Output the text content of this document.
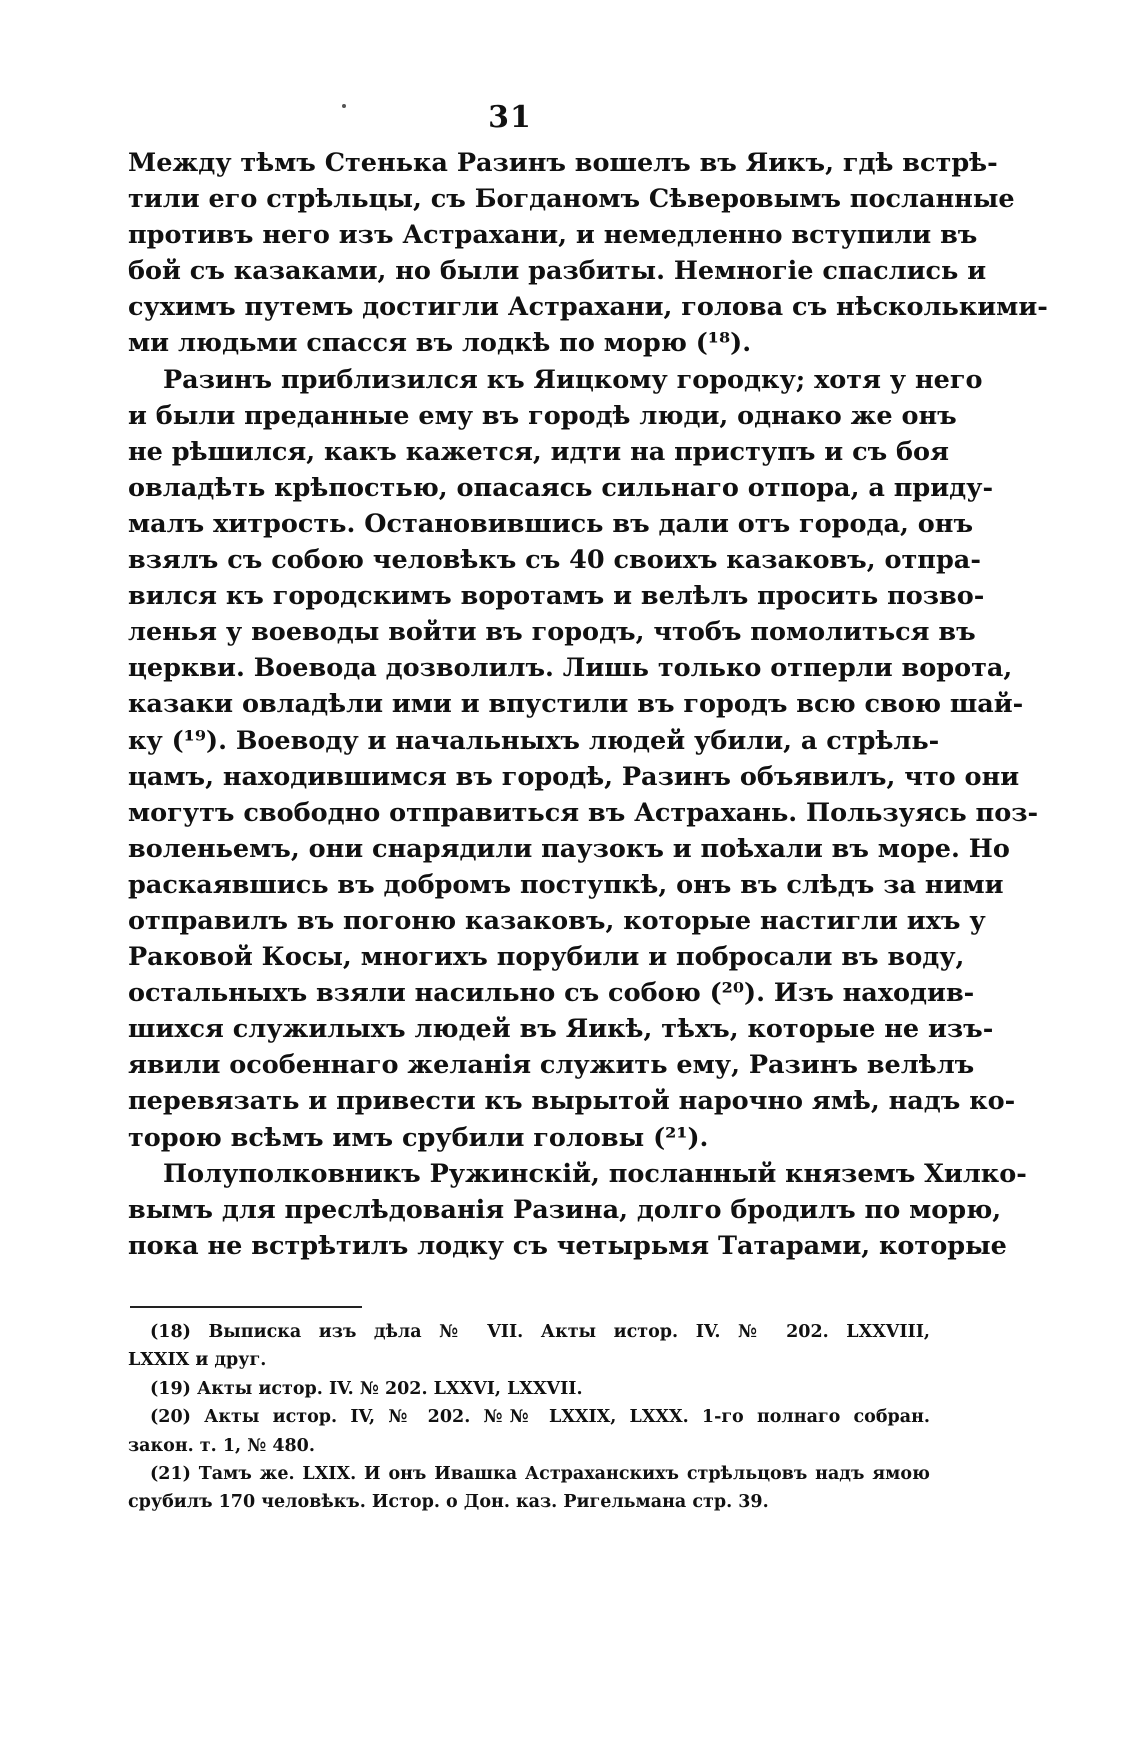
31
Между тѣмъ Стенька Разинъ вошелъ въ Яикъ, гдѣ встрѣ-
тили его стрѣльцы, съ Богданомъ Сѣверовымъ посланные
противъ него изъ Астрахани, и немедленно вступили въ
бой съ казаками, но были разбиты. Немногіе спаслись и
сухимъ путемъ достигли Астрахани, голова съ нѣсколькими-
ми людьми спасся въ лодкѣ по морю (¹⁸).
Разинъ приблизился къ Яицкому городку; хотя у него
и были преданные ему въ городѣ люди, однако же онъ
не рѣшился, какъ кажется, идти на приступъ и съ боя
овладѣть крѣпостью, опасаясь сильнаго отпора, а приду-
малъ хитрость. Остановившись въ дали отъ города, онъ
взялъ съ собою человѣкъ съ 40 своихъ казаковъ, отпра-
вился къ городскимъ воротамъ и велѣлъ просить позво-
ленья у воеводы войти въ городъ, чтобъ помолиться въ
церкви. Воевода дозволилъ. Лишь только отперли ворота,
казаки овладѣли ими и впустили въ городъ всю свою шай-
ку (¹⁹). Воеводу и начальныхъ людей убили, а стрѣль-
цамъ, находившимся въ городѣ, Разинъ объявилъ, что они
могутъ свободно отправиться въ Астрахань. Пользуясь поз-
воленьемъ, они снарядили паузокъ и поѣхали въ море. Но
раскаявшись въ добромъ поступкѣ, онъ въ слѣдъ за ними
отправилъ въ погоню казаковъ, которые настигли ихъ у
Раковой Косы, многихъ порубили и побросали въ воду,
остальныхъ взяли насильно съ собою (²⁰). Изъ находив-
шихся служилыхъ людей въ Яикѣ, тѣхъ, которые не изъ-
явили особеннаго желанія служить ему, Разинъ велѣлъ
перевязать и привести къ вырытой нарочно ямѣ, надъ ко-
торою всѣмъ имъ срубили головы (²¹).
Полуполковникъ Ружинскій, посланный княземъ Хилко-
вымъ для преслѣдованія Разина, долго бродилъ по морю,
пока не встрѣтилъ лодку съ четырьмя Татарами, которые
(18) Выписка изъ дѣла № VII. Акты истор. IV. № 202. LXXVIII,
LXXIX и друг.
(19) Акты истор. IV. № 202. LXXVI, LXXVII.
(20) Акты истор. IV, № 202. №№ LXXIX, LXXX. 1-го полнаго собран.
закон. т. 1, № 480.
(21) Тамъ же. LXIX. И онъ Ивашка Астраханскихъ стрѣльцовъ надъ ямою
срубилъ 170 человѣкъ. Истор. о Дон. каз. Ригельмана стр. 39.
